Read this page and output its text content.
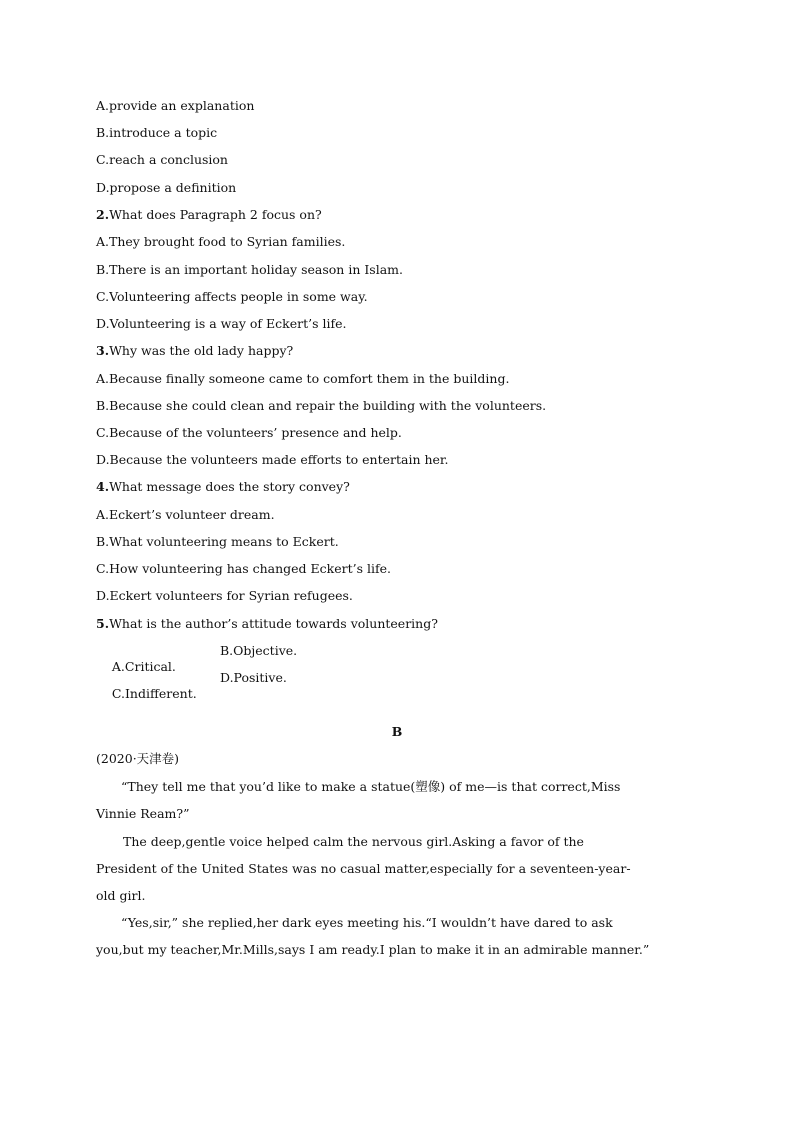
A.provide an explanation
B.introduce a topic
C.reach a conclusion
D.propose a definition
2.What does Paragraph 2 focus on?
A.They brought food to Syrian families.
B.There is an important holiday season in Islam.
C.Volunteering affects people in some way.
D.Volunteering is a way of Eckert’s life.
3.Why was the old lady happy?
A.Because finally someone came to comfort them in the building.
B.Because she could clean and repair the building with the volunteers.
C.Because of the volunteers’ presence and help.
D.Because the volunteers made efforts to entertain her.
4.What message does the story convey?
A.Eckert’s volunteer dream.
B.What volunteering means to Eckert.
C.How volunteering has changed Eckert’s life.
D.Eckert volunteers for Syrian refugees.
5.What is the author’s attitude towards volunteering?

A.Critical.

B.Objective.

C.Indifferent.

D.Positive.

B
(2020·天津卷)
“They tell me that you’d like to make a statue(塑像) of me—is that correct,Miss
Vinnie Ream?”
The deep,gentle voice helped calm the nervous girl.Asking a favor of the
President of the United States was no casual matter,especially for a seventeen-year-
old girl.
“Yes,sir,” she replied,her dark eyes meeting his.“I wouldn’t have dared to ask
you,but my teacher,Mr.Mills,says I am ready.I plan to make it in an admirable manner.”
